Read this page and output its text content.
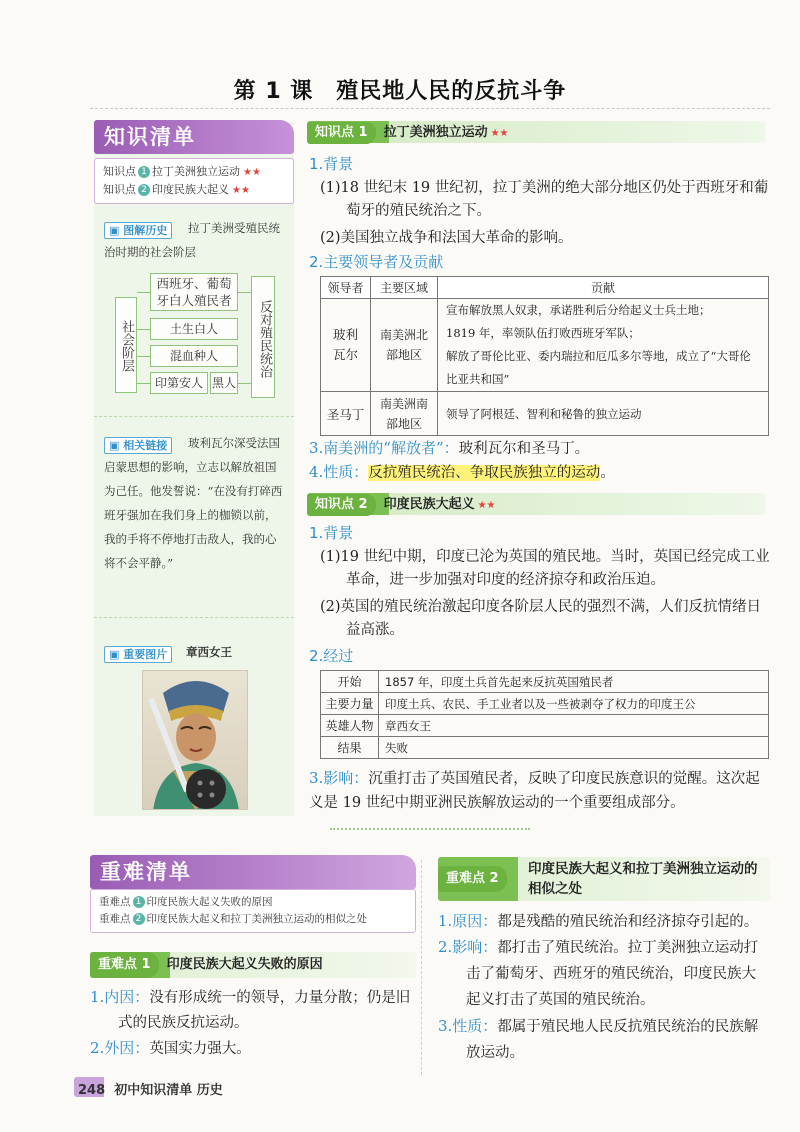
第 1 课　殖民地人民的反抗斗争
知识清单
知识点 1 拉丁美洲独立运动 ★★
知识点 2 印度民族大起义 ★★
▣ 图解历史	拉丁美洲受殖民统治时期的社会阶层
社会阶层	反对殖民统治
西班牙、葡萄牙白人殖民者
土生白人
混血种人
印第安人 黑人
▣ 相关链接	玻利瓦尔深受法国启蒙思想的影响，立志以解放祖国为己任。他发誓说：“在没有打碎西班牙强加在我们身上的枷锁以前，我的手将不停地打击敌人，我的心将不会平静。”
▣ 重要图片	章西女王
知识点 1 拉丁美洲独立运动 ★★
1.背景
(1)18 世纪末 19 世纪初，拉丁美洲的绝大部分地区仍处于西班牙和葡萄牙的殖民统治之下。
(2)美国独立战争和法国大革命的影响。
2.主要领导者及贡献
领导者	主要区域	贡献
玻利瓦尔	南美洲北部地区	宣布解放黑人奴隶，承诺胜利后分给起义士兵土地；
1819 年，率领队伍打败西班牙军队；
解放了哥伦比亚、委内瑞拉和厄瓜多尔等地，成立了“大哥伦比亚共和国”

圣马丁	南美洲南部地区	领导了阿根廷、智利和秘鲁的独立运动
3.南美洲的“解放者”：玻利瓦尔和圣马丁。
4.性质：反抗殖民统治、争取民族独立的运动。
知识点 2 印度民族大起义 ★★
1.背景
(1)19 世纪中期，印度已沦为英国的殖民地。当时，英国已经完成工业革命，进一步加强对印度的经济掠夺和政治压迫。
(2)英国的殖民统治激起印度各阶层人民的强烈不满，人们反抗情绪日益高涨。
2.经过
开始	1857 年，印度土兵首先起来反抗英国殖民者
主要力量	印度土兵、农民、手工业者以及一些被剥夺了权力的印度王公
英雄人物	章西女王
结果	失败
3.影响：沉重打击了英国殖民者，反映了印度民族意识的觉醒。这次起义是 19 世纪中期亚洲民族解放运动的一个重要组成部分。
重难清单
重难点 1 印度民族大起义失败的原因
重难点 2 印度民族大起义和拉丁美洲独立运动的相似之处
重难点 1 印度民族大起义失败的原因
1.内因：没有形成统一的领导，力量分散；仍是旧式的民族反抗运动。
2.外因：英国实力强大。
重难点 2
印度民族大起义和拉丁美洲独立运动的相似之处
1.原因：都是残酷的殖民统治和经济掠夺引起的。
2.影响：都打击了殖民统治。拉丁美洲独立运动打击了葡萄牙、西班牙的殖民统治，印度民族大起义打击了英国的殖民统治。
3.性质：都属于殖民地人民反抗殖民统治的民族解放运动。
248 初中知识清单 历史
